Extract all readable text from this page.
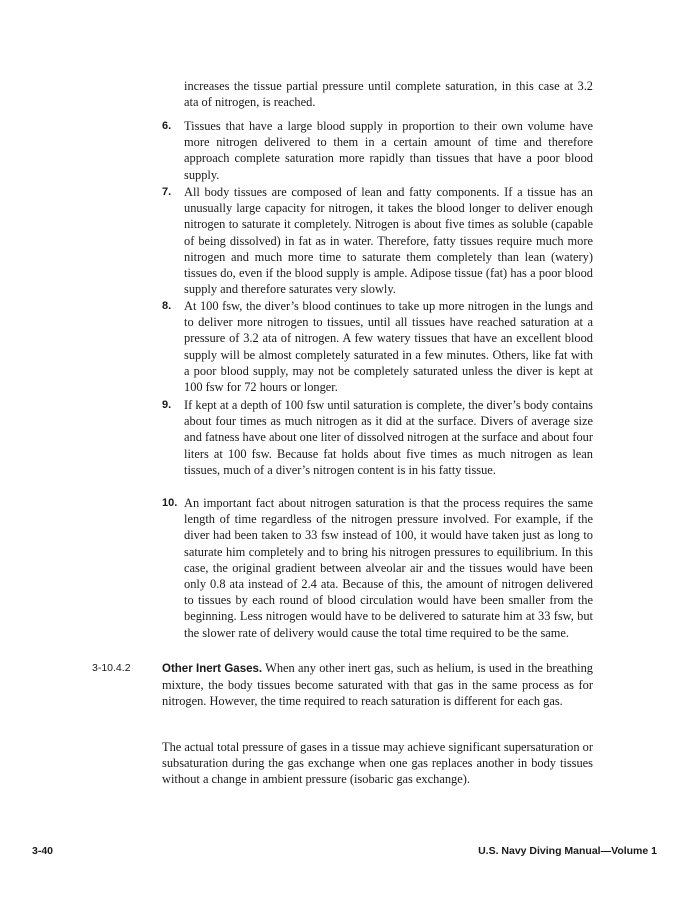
increases the tissue partial pressure until complete saturation, in this case at 3.2 ata of nitrogen, is reached.

6.	Tissues that have a large blood supply in proportion to their own volume have more nitrogen delivered to them in a certain amount of time and therefore approach complete saturation more rapidly than tissues that have a poor blood supply.

7.	All body tissues are composed of lean and fatty components. If a tissue has an unusually large capacity for nitrogen, it takes the blood longer to deliver enough nitrogen to saturate it completely. Nitrogen is about five times as soluble (capable of being dissolved) in fat as in water. Therefore, fatty tissues require much more nitrogen and much more time to saturate them completely than lean (watery) tissues do, even if the blood supply is ample. Adipose tissue (fat) has a poor blood supply and therefore saturates very slowly.

8.	At 100 fsw, the diver’s blood continues to take up more nitrogen in the lungs and to deliver more nitrogen to tissues, until all tissues have reached saturation at a pressure of 3.2 ata of nitrogen. A few watery tissues that have an excellent blood supply will be almost completely saturated in a few minutes. Others, like fat with a poor blood supply, may not be completely saturated unless the diver is kept at 100 fsw for 72 hours or longer.

9.	If kept at a depth of 100 fsw until saturation is complete, the diver’s body contains about four times as much nitrogen as it did at the surface. Divers of average size and fatness have about one liter of dissolved nitrogen at the surface and about four liters at 100 fsw. Because fat holds about five times as much nitrogen as lean tissues, much of a diver’s nitrogen content is in his fatty tissue.

10. An important fact about nitrogen saturation is that the process requires the same length of time regardless of the nitrogen pressure involved. For example, if the diver had been taken to 33 fsw instead of 100, it would have taken just as long to saturate him completely and to bring his nitrogen pressures to equilibrium. In this case, the original gradient between alveolar air and the tissues would have been only 0.8 ata instead of 2.4 ata. Because of this, the amount of nitrogen delivered to tissues by each round of blood circulation would have been smaller from the beginning. Less nitrogen would have to be delivered to saturate him at 33 fsw, but the slower rate of delivery would cause the total time required to be the same.

3-10.4.2	Other Inert Gases. When any other inert gas, such as helium, is used in the breathing mixture, the body tissues become saturated with that gas in the same process as for nitrogen. However, the time required to reach saturation is different for each gas.

The actual total pressure of gases in a tissue may achieve significant supersaturation or subsaturation during the gas exchange when one gas replaces another in body tissues without a change in ambient pressure (isobaric gas exchange).

3-40	U.S. Navy Diving Manual—Volume 1
